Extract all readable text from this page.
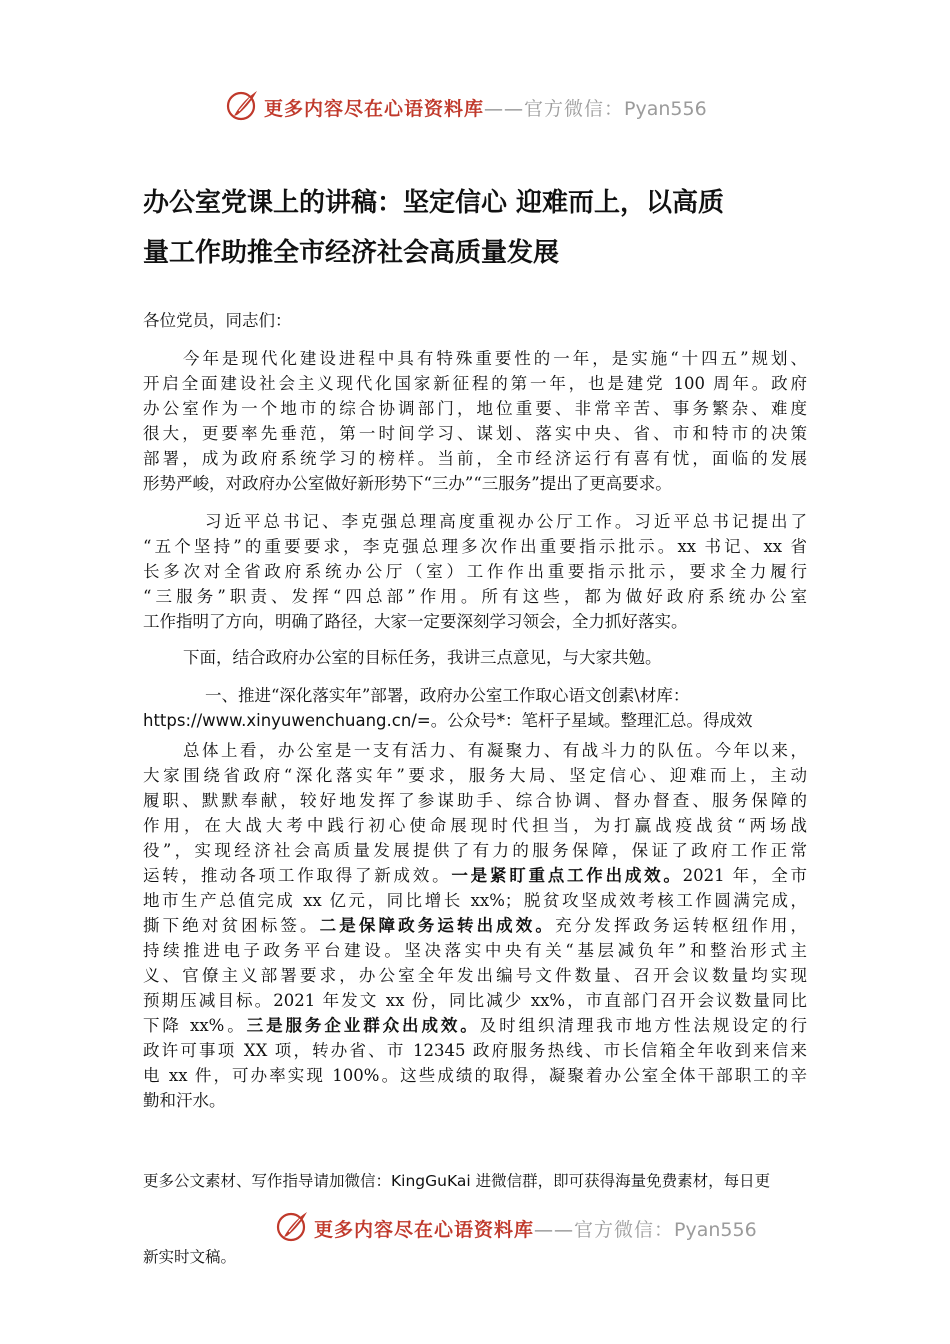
更多内容尽在心语资料库——官方微信：Pyan556
办公室党课上的讲稿：坚定信心 迎难而上，以高质
量工作助推全市经济社会高质量发展
各位党员，同志们：
今年是现代化建设进程中具有特殊重要性的一年，是实施“十四五”规划、
开启全面建设社会主义现代化国家新征程的第一年，也是建党 100 周年。政府
办公室作为一个地市的综合协调部门，地位重要、非常辛苦、事务繁杂、难度
很大，更要率先垂范，第一时间学习、谋划、落实中央、省、市和特市的决策
部署，成为政府系统学习的榜样。当前，全市经济运行有喜有忧，面临的发展
形势严峻，对政府办公室做好新形势下“三办”“三服务”提出了更高要求。
习近平总书记、李克强总理高度重视办公厅工作。习近平总书记提出了
“五个坚持”的重要要求，李克强总理多次作出重要指示批示。xx 书记、xx 省
长多次对全省政府系统办公厅（室）工作作出重要指示批示，要求全力履行
“三服务”职责、发挥“四总部”作用。所有这些，都为做好政府系统办公室
工作指明了方向，明确了路径，大家一定要深刻学习领会，全力抓好落实。
下面，结合政府办公室的目标任务，我讲三点意见，与大家共勉。
一、推进“深化落实年”部署，政府办公室工作取心语文创素\材库：
https://www.xinyuwenchuang.cn/=。公众号*：笔杆子星域。整理汇总。得成效
总体上看，办公室是一支有活力、有凝聚力、有战斗力的队伍。今年以来，
大家围绕省政府“深化落实年”要求，服务大局、坚定信心、迎难而上，主动
履职、默默奉献，较好地发挥了参谋助手、综合协调、督办督查、服务保障的
作用，在大战大考中践行初心使命展现时代担当，为打赢战疫战贫“两场战
役”，实现经济社会高质量发展提供了有力的服务保障，保证了政府工作正常
运转，推动各项工作取得了新成效。一是紧盯重点工作出成效。2021 年，全市
地市生产总值完成 xx 亿元，同比增长 xx%；脱贫攻坚成效考核工作圆满完成，
撕下绝对贫困标签。二是保障政务运转出成效。充分发挥政务运转枢纽作用，
持续推进电子政务平台建设。坚决落实中央有关“基层减负年”和整治形式主
义、官僚主义部署要求，办公室全年发出编号文件数量、召开会议数量均实现
预期压减目标。2021 年发文 xx 份，同比减少 xx%，市直部门召开会议数量同比
下降 xx%。三是服务企业群众出成效。及时组织清理我市地方性法规设定的行
政许可事项 XX 项，转办省、市 12345 政府服务热线、市长信箱全年收到来信来
电 xx 件，可办率实现 100%。这些成绩的取得，凝聚着办公室全体干部职工的辛
勤和汗水。
更多公文素材、写作指导请加微信：KingGuKai 进微信群，即可获得海量免费素材，每日更
更多内容尽在心语资料库——官方微信：Pyan556
新实时文稿。
